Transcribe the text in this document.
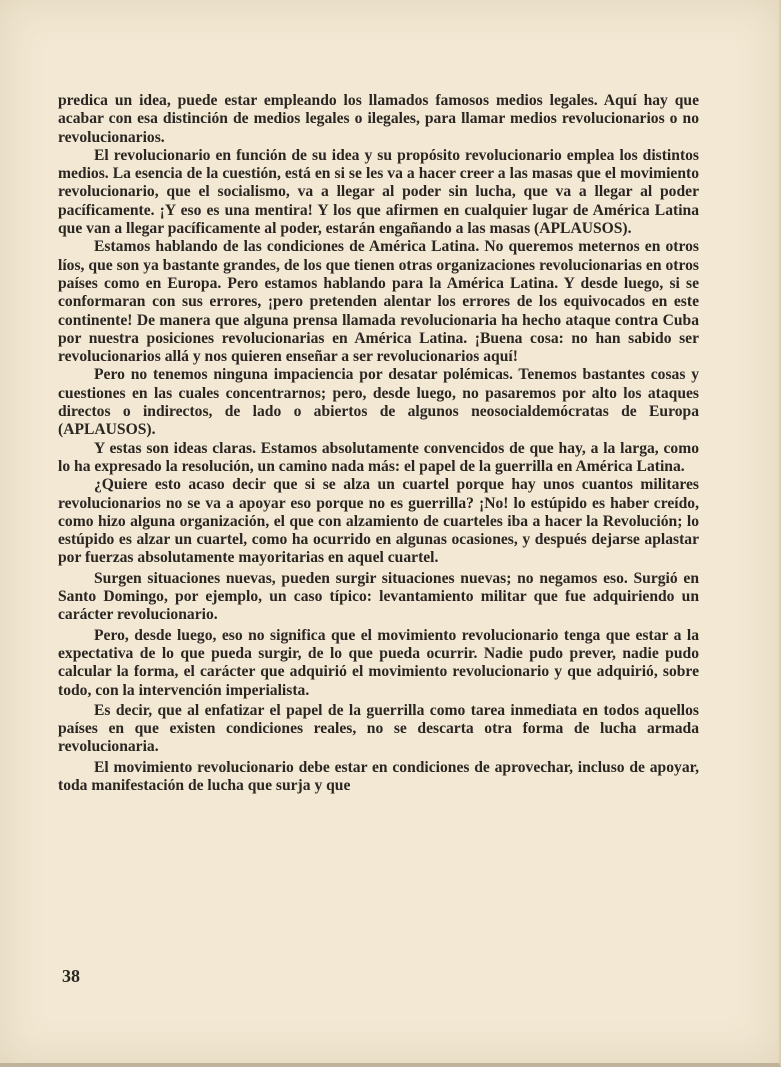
predica un idea, puede estar empleando los llamados famosos medios legales. Aquí hay que acabar con esa distinción de medios legales o ilegales, para llamar medios revolucionarios o no revolucionarios.

El revolucionario en función de su idea y su propósito revolucionario emplea los distintos medios. La esencia de la cuestión, está en si se les va a hacer creer a las masas que el movimiento revolucionario, que el socialismo, va a llegar al poder sin lucha, que va a llegar al poder pacíficamente. ¡Y eso es una mentira! Y los que afirmen en cualquier lugar de América Latina que van a llegar pacíficamente al poder, estarán engañando a las masas (APLAUSOS).

Estamos hablando de las condiciones de América Latina. No queremos meternos en otros líos, que son ya bastante grandes, de los que tienen otras organizaciones revolucionarias en otros países como en Europa. Pero estamos hablando para la América Latina. Y desde luego, si se conformaran con sus errores, ¡pero pretenden alentar los errores de los equivocados en este continente! De manera que alguna prensa llamada revolucionaria ha hecho ataque contra Cuba por nuestra posiciones revolucionarias en América Latina. ¡Buena cosa: no han sabido ser revolucionarios allá y nos quieren enseñar a ser revolucionarios aquí!

Pero no tenemos ninguna impaciencia por desatar polémicas. Tenemos bastantes cosas y cuestiones en las cuales concentrarnos; pero, desde luego, no pasaremos por alto los ataques directos o indirectos, de lado o abiertos de algunos neosocialdemócratas de Europa (APLAUSOS).

Y estas son ideas claras. Estamos absolutamente convencidos de que hay, a la larga, como lo ha expresado la resolución, un camino nada más: el papel de la guerrilla en América Latina.

¿Quiere esto acaso decir que si se alza un cuartel porque hay unos cuantos militares revolucionarios no se va a apoyar eso porque no es guerrilla? ¡No! lo estúpido es haber creído, como hizo alguna organización, el que con alzamiento de cuarteles iba a hacer la Revolución; lo estúpido es alzar un cuartel, como ha ocurrido en algunas ocasiones, y después dejarse aplastar por fuerzas absolutamente mayoritarias en aquel cuartel.

Surgen situaciones nuevas, pueden surgir situaciones nuevas; no negamos eso. Surgió en Santo Domingo, por ejemplo, un caso típico: levantamiento militar que fue adquiriendo un carácter revolucionario.

Pero, desde luego, eso no significa que el movimiento revolucionario tenga que estar a la expectativa de lo que pueda surgir, de lo que pueda ocurrir. Nadie pudo prever, nadie pudo calcular la forma, el carácter que adquirió el movimiento revolucionario y que adquirió, sobre todo, con la intervención imperialista.

Es decir, que al enfatizar el papel de la guerrilla como tarea inmediata en todos aquellos países en que existen condiciones reales, no se descarta otra forma de lucha armada revolucionaria.

El movimiento revolucionario debe estar en condiciones de aprovechar, incluso de apoyar, toda manifestación de lucha que surja y que

38
